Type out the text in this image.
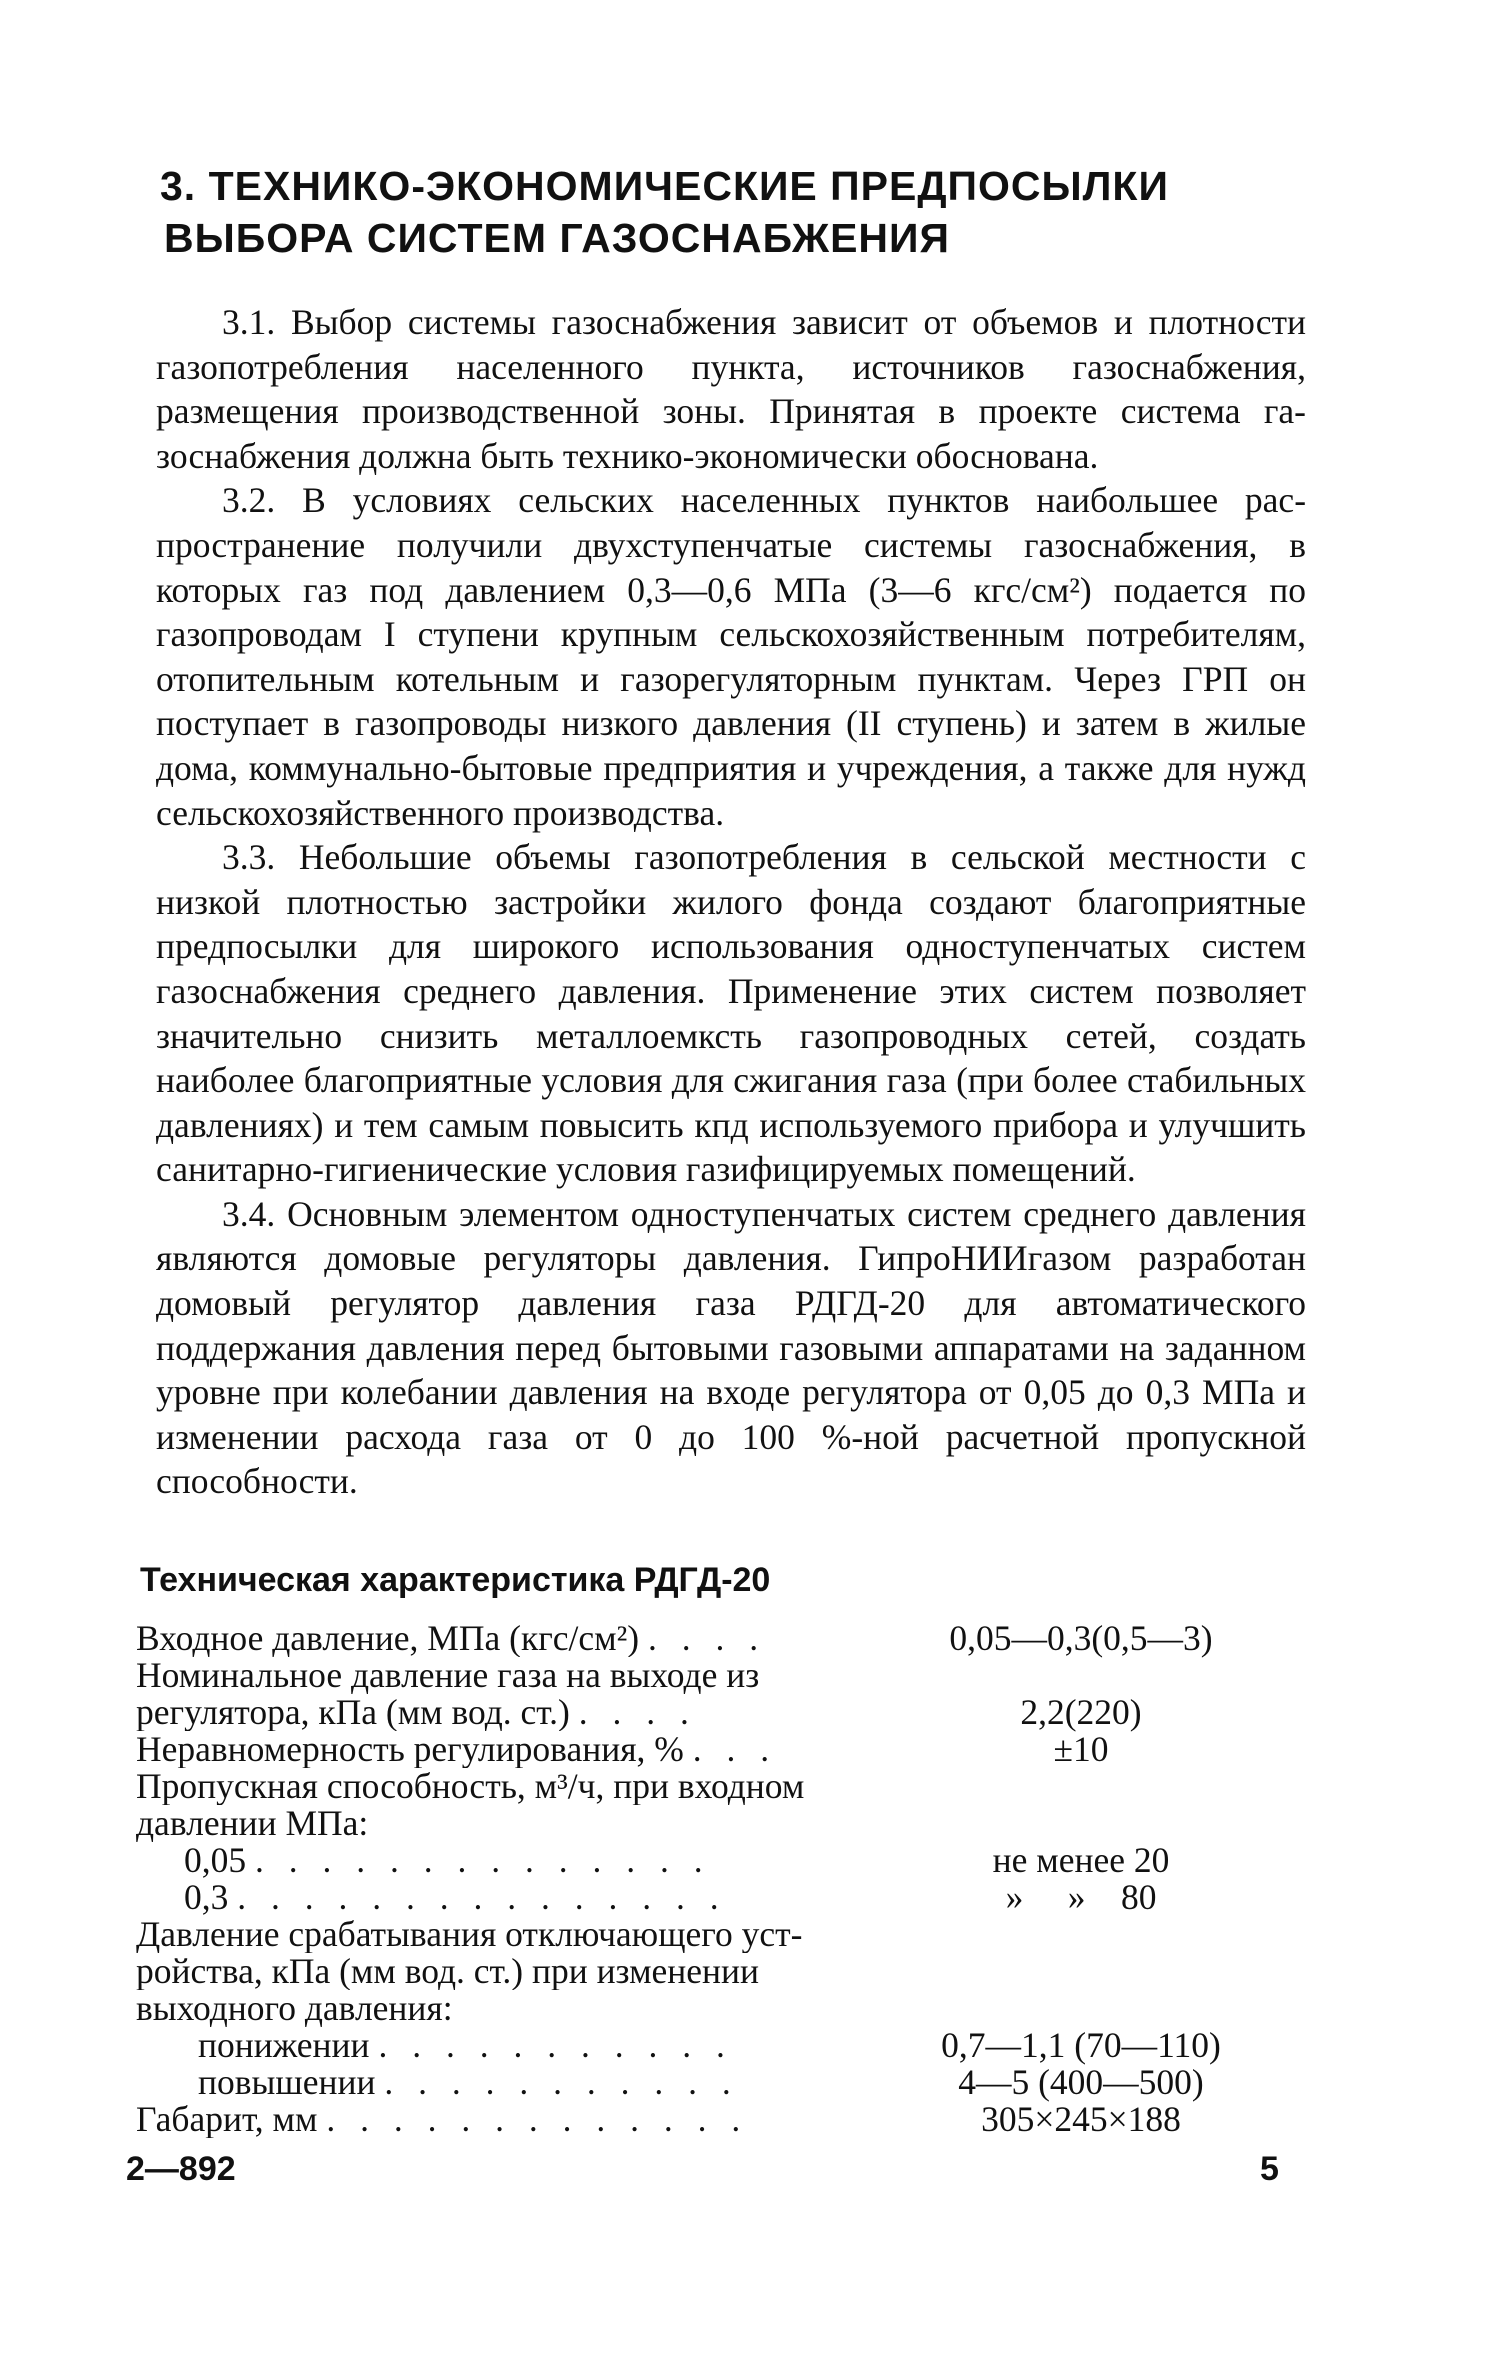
3. ТЕХНИКО-ЭКОНОМИЧЕСКИЕ ПРЕДПОСЫЛКИ
ВЫБОРА СИСТЕМ ГАЗОСНАБЖЕНИЯ

3.1. Выбор системы газоснабжения зависит от объемов и плотности газопотребления населенного пункта, источников газоснабжения, размещения производственной зоны. Принятая в проекте система газоснабжения должна быть технико-экономически обоснована.

3.2. В условиях сельских населенных пунктов наибольшее распространение получили двухступенчатые системы газоснабжения, в которых газ под давлением 0,3—0,6 МПа (3—6 кгс/см²) подается по газопроводам I ступени крупным сельскохозяйственным потребителям, отопительным котельным и газорегуляторным пунктам. Через ГРП он поступает в газопроводы низкого давления (II ступень) и затем в жилые дома, коммунально-бытовые предприятия и учреждения, а также для нужд сельскохозяйственного производства.

3.3. Небольшие объемы газопотребления в сельской местности с низкой плотностью застройки жилого фонда создают благоприятные предпосылки для широкого использования одноступенчатых систем газоснабжения среднего давления. Применение этих систем позволяет значительно снизить металлоемксть газопроводных сетей, создать наиболее благоприятные условия для сжигания газа (при более стабильных давлениях) и тем самым повысить кпд используемого прибора и улучшить санитарно-гигиенические условия газифицируемых помещений.

3.4. Основным элементом одноступенчатых систем среднего давления являются домовые регуляторы давления. ГипроНИИгазом разработан домовый регулятор давления газа РДГД-20 для автоматического поддержания давления перед бытовыми газовыми аппаратами на заданном уровне при колебании давления на входе регулятора от 0,05 до 0,3 МПа и изменении расхода газа от 0 до 100 %-ной расчетной пропускной способности.

Техническая характеристика РДГД-20
Входное давление, МПа (кгс/см²) . . . .	0,05—0,3(0,5—3)
Номинальное давление газа на выходе из
регулятора, кПа (мм вод. ст.) . . . .	2,2(220)
Неравномерность регулирования, % . . .	±10
Пропускная способность, м³/ч, при входном
давлении МПа:
0,05 . . . . . . . . . . . . . .	не менее 20
0,3 . . . . . . . . . . . . . . .	»     »    80
Давление срабатывания отключающего уст-
ройства, кПа (мм вод. ст.) при изменении
выходного давления:
понижении . . . . . . . . . . .	0,7—1,1 (70—110)
повышении . . . . . . . . . . .	4—5 (400—500)
Габарит, мм . . . . . . . . . . . . .	305×245×188
2—892	5
